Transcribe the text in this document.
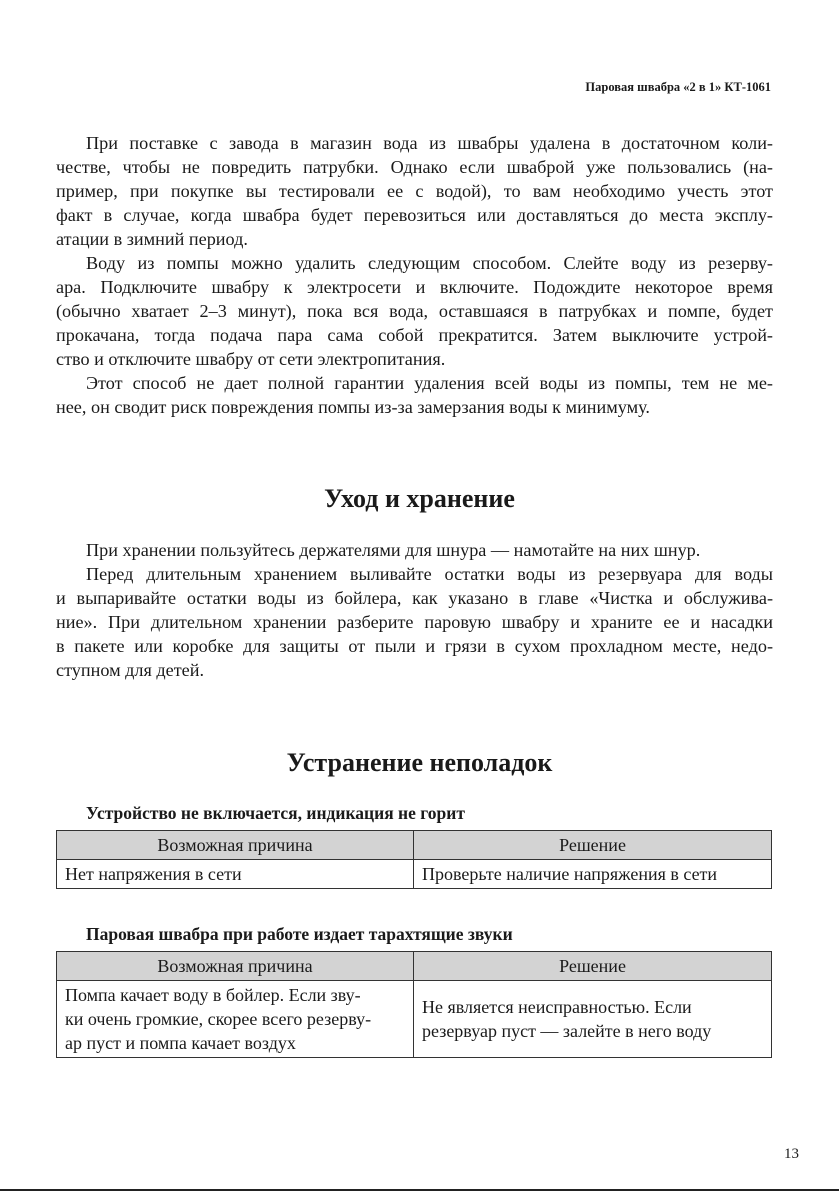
Паровая швабра «2 в 1» КТ-1061
При поставке с завода в магазин вода из швабры удалена в достаточном коли-
честве, чтобы не повредить патрубки. Однако если шваброй уже пользовались (на-
пример, при покупке вы тестировали ее с водой), то вам необходимо учесть этот
факт в случае, когда швабра будет перевозиться или доставляться до места эксплу-
атации в зимний период.
Воду из помпы можно удалить следующим способом. Слейте воду из резерву-
ара. Подключите швабру к электросети и включите. Подождите некоторое время
(обычно хватает 2–3 минут), пока вся вода, оставшаяся в патрубках и помпе, будет
прокачана, тогда подача пара сама собой прекратится. Затем выключите устрой-
ство и отключите швабру от сети электропитания.
Этот способ не дает полной гарантии удаления всей воды из помпы, тем не ме-
нее, он сводит риск повреждения помпы из-за замерзания воды к минимуму.
Уход и хранение
При хранении пользуйтесь держателями для шнура — намотайте на них шнур.
Перед длительным хранением выливайте остатки воды из резервуара для воды
и выпаривайте остатки воды из бойлера, как указано в главе «Чистка и обслужива-
ние». При длительном хранении разберите паровую швабру и храните ее и насадки
в пакете или коробке для защиты от пыли и грязи в сухом прохладном месте, недо-
ступном для детей.
Устранение неполадок
Устройство не включается, индикация не горит
Возможная причина	Решение
Нет напряжения в сети	Проверьте наличие напряжения в сети
Паровая швабра при работе издает тарахтящие звуки
Возможная причина	Решение

Помпа качает воду в бойлер. Если зву-
ки очень громкие, скорее всего резерву-
ар пуст и помпа качает воздух	Не является неисправностью. Если
резервуар пуст — залейте в него воду
13
